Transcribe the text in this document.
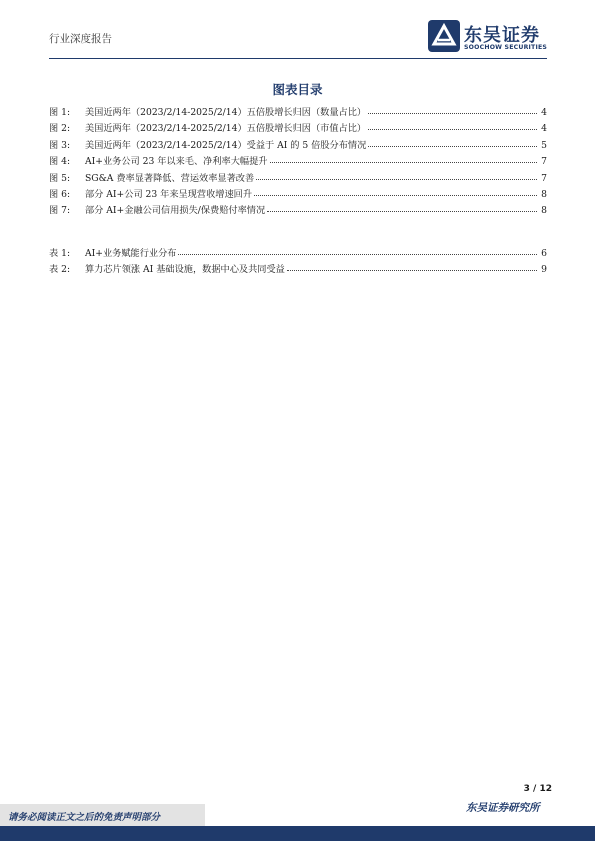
行业深度报告	东吴证券
SOOCHOW SECURITIES
图表目录
图 1:	美国近两年（2023/2/14-2025/2/14）五倍股增长归因（数量占比）	4
图 2:	美国近两年（2023/2/14-2025/2/14）五倍股增长归因（市值占比）	4
图 3:	美国近两年（2023/2/14-2025/2/14）受益于 AI 的 5 倍股分布情况	5
图 4:	AI+业务公司 23 年以来毛、净利率大幅提升	7
图 5:	SG&A 费率显著降低、营运效率显著改善	7
图 6:	部分 AI+公司 23 年来呈现营收增速回升	8
图 7:	部分 AI+金融公司信用损失/保费赔付率情况	8
表 1:	AI+业务赋能行业分布	6
表 2:	算力芯片领涨 AI 基础设施，数据中心及共同受益	9
3 / 12
请务必阅读正文之后的免责声明部分
东吴证券研究所
